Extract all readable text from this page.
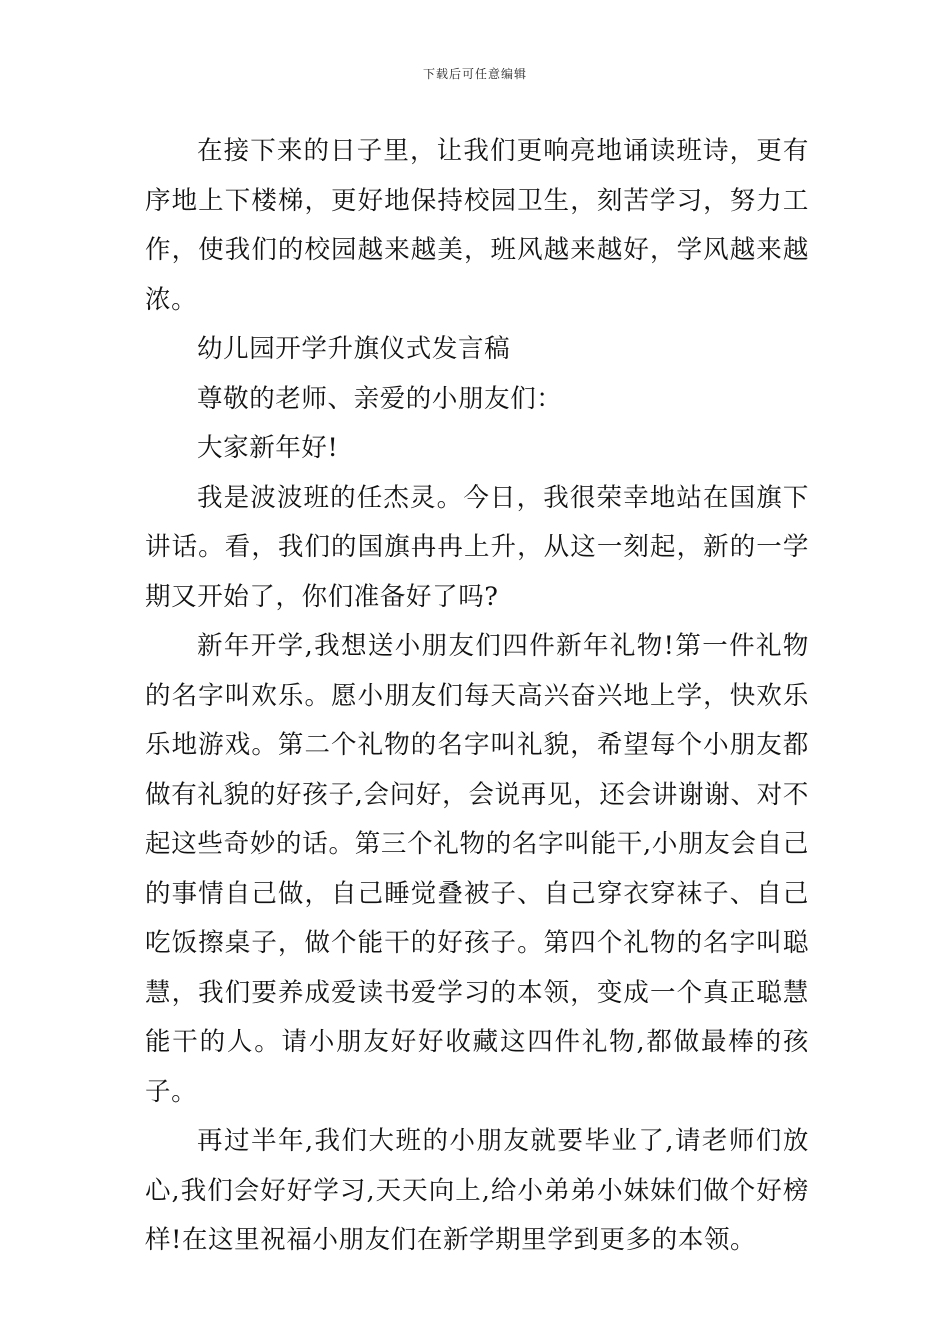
下载后可任意编辑

在接下来的日子里，让我们更响亮地诵读班诗，更有序地上下楼梯，更好地保持校园卫生，刻苦学习，努力工作，使我们的校园越来越美，班风越来越好，学风越来越浓。

幼儿园开学升旗仪式发言稿

尊敬的老师、亲爱的小朋友们：

大家新年好!

我是波波班的任杰灵。今日，我很荣幸地站在国旗下讲话。看，我们的国旗冉冉上升，从这一刻起，新的一学期又开始了，你们准备好了吗?

新年开学,我想送小朋友们四件新年礼物!第一件礼物的名字叫欢乐。愿小朋友们每天高兴奋兴地上学，快欢乐乐地游戏。第二个礼物的名字叫礼貌，希望每个小朋友都做有礼貌的好孩子,会问好，会说再见，还会讲谢谢、对不起这些奇妙的话。第三个礼物的名字叫能干,小朋友会自己的事情自己做，自己睡觉叠被子、自己穿衣穿袜子、自己吃饭擦桌子，做个能干的好孩子。第四个礼物的名字叫聪慧，我们要养成爱读书爱学习的本领，变成一个真正聪慧能干的人。请小朋友好好收藏这四件礼物,都做最棒的孩子。

再过半年,我们大班的小朋友就要毕业了,请老师们放心,我们会好好学习,天天向上,给小弟弟小妹妹们做个好榜样!在这里祝福小朋友们在新学期里学到更多的本领。
